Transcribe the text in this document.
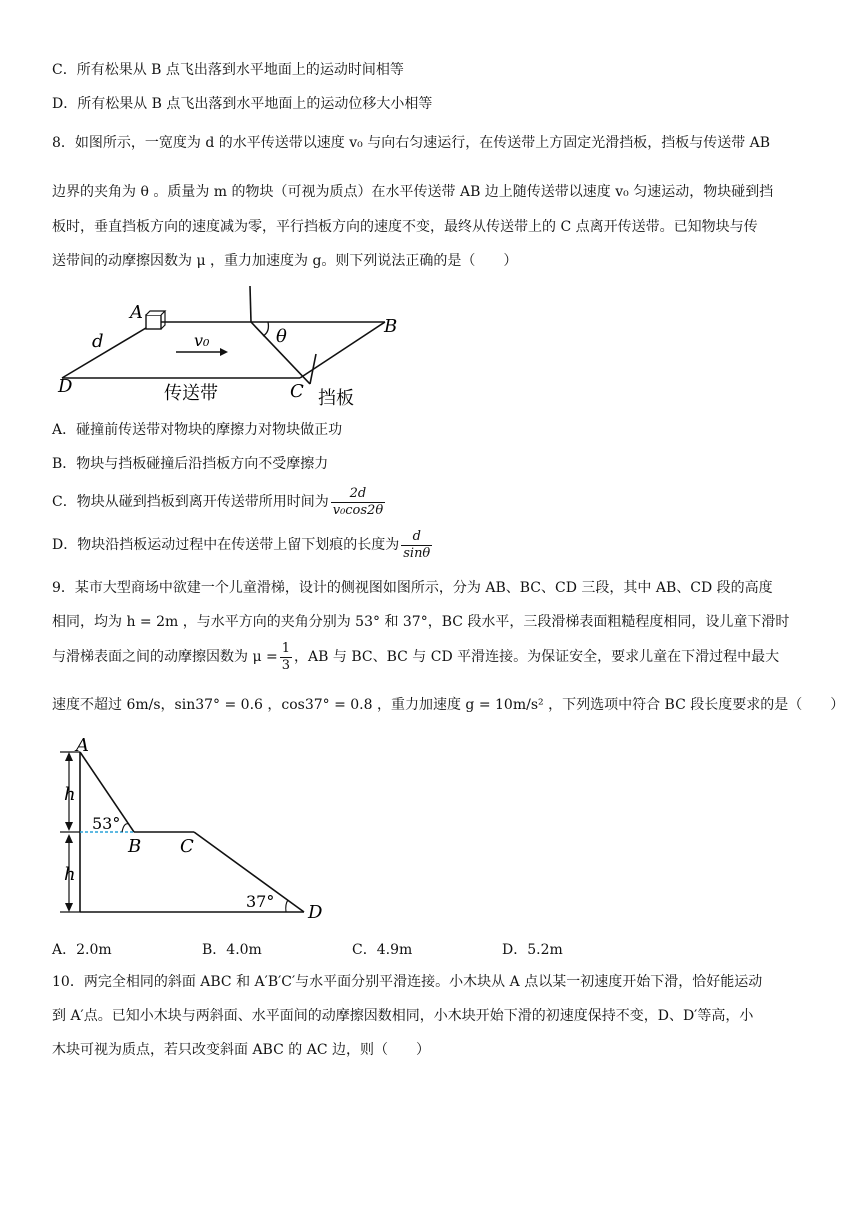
C．所有松果从 B 点飞出落到水平地面上的运动时间相等
D．所有松果从 B 点飞出落到水平地面上的运动位移大小相等
8．如图所示，一宽度为 d 的水平传送带以速度 v₀ 与向右匀速运行，在传送带上方固定光滑挡板，挡板与传送带 AB
边界的夹角为 θ 。质量为 m 的物块（可视为质点）在水平传送带 AB 边上随传送带以速度 v₀ 匀速运动，物块碰到挡
板时，垂直挡板方向的速度减为零，平行挡板方向的速度不变，最终从传送带上的 C 点离开传送带。已知物块与传
送带间的动摩擦因数为 μ ，重力加速度为 g。则下列说法正确的是（　　）
A
B
C
D
d	v₀
传送带
θ
挡板
A．碰撞前传送带对物块的摩擦力对物块做正功
B．物块与挡板碰撞后沿挡板方向不受摩擦力
C．物块从碰到挡板到离开传送带所用时间为 $\frac{2d}{\text{v₀cos2θ}}$
D．物块沿挡板运动过程中在传送带上留下划痕的长度为 $\frac{d}{\sin\theta}$
9．某市大型商场中欲建一个儿童滑梯，设计的侧视图如图所示，分为 AB、BC、CD 三段，其中 AB、CD 段的高度
相同，均为 h = 2m ，与水平方向的夹角分别为 53° 和 37°，BC 段水平，三段滑梯表面粗糙程度相同，设儿童下滑时
与滑梯表面之间的动摩擦因数为 $\mu = \frac{1}{3}$ ，AB 与 BC、BC 与 CD 平滑连接。为保证安全，要求儿童在下滑过程中最大
速度不超过 6m/s，sin37° = 0.6 ，cos37° = 0.8 ，重力加速度 g = 10m/s² ，下列选项中符合 BC 段长度要求的是（　　）
A
B C
D
h
h
53°
37°
A．2.0m	B．4.0m	C．4.9m	D．5.2m
10．两完全相同的斜面 ABC 和 A′B′C′与水平面分别平滑连接。小木块从 A 点以某一初速度开始下滑，恰好能运动
到 A′点。已知小木块与两斜面、水平面间的动摩擦因数相同，小木块开始下滑的初速度保持不变，D、D′等高，小
木块可视为质点，若只改变斜面 ABC 的 AC 边，则（　　）
